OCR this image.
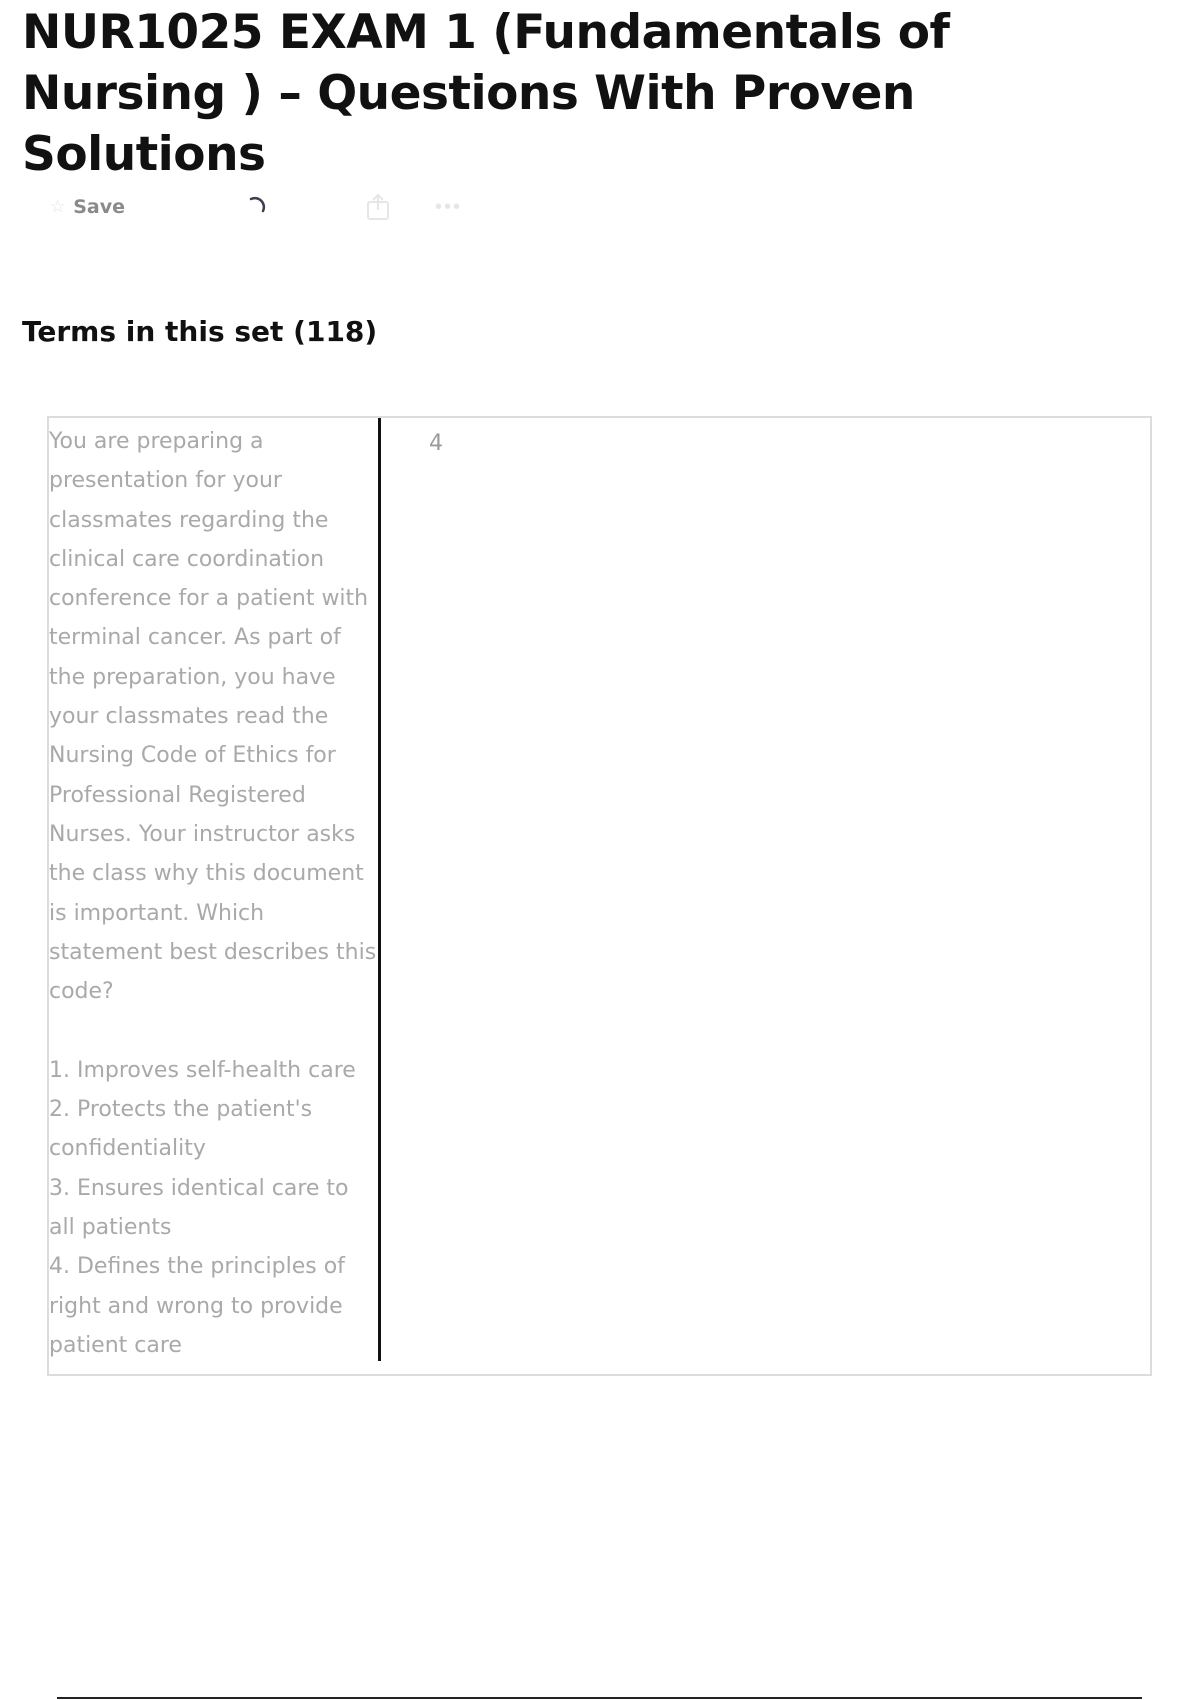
NUR1025 EXAM 1 (Fundamentals of Nursing ) – Questions With Proven Solutions
☆ Save	•••
Terms in this set (118)
You are preparing a presentation for your classmates regarding the clinical care coordination conference for a patient with terminal cancer. As part of the preparation, you have your classmates read the Nursing Code of Ethics for Professional Registered Nurses. Your instructor asks the class why this document is important. Which statement best describes this code?

1. Improves self-health care
2. Protects the patient's confidentiality
3. Ensures identical care to all patients
4. Defines the principles of right and wrong to provide patient care
4
